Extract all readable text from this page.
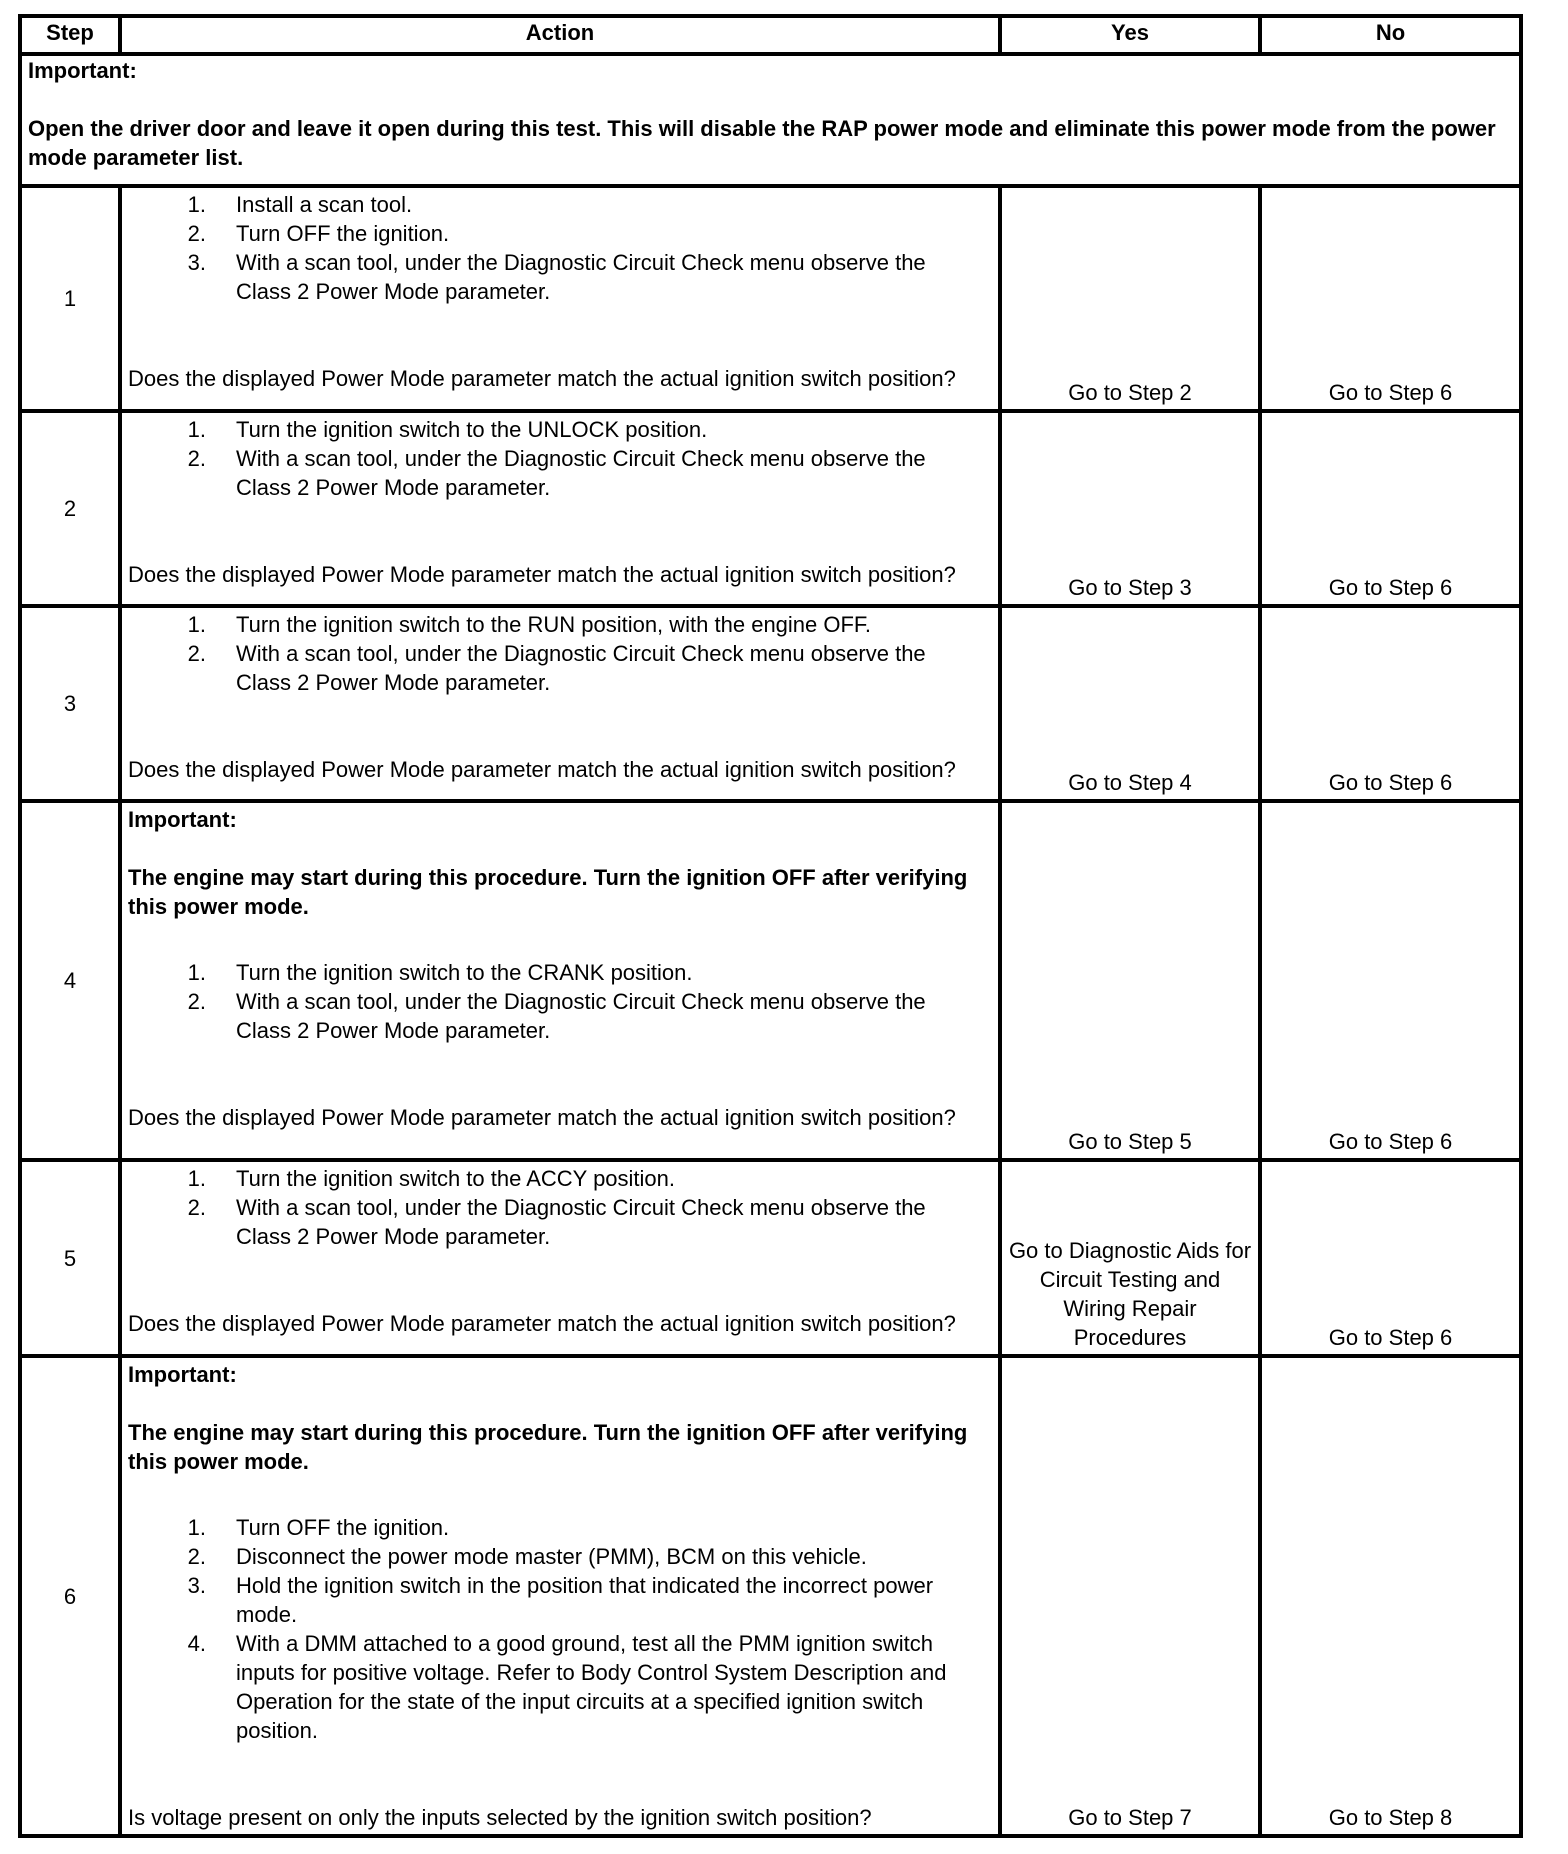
Step	Action	Yes	No

Important:
Open the driver door and leave it open during this test. This will disable the RAP power mode and eliminate this power mode from the power mode parameter list.			

1	
1.	Install a scan tool.
2.	Turn OFF the ignition.
3.	With a scan tool, under the Diagnostic Circuit Check menu observe the Class 2 Power Mode parameter.
Does the displayed Power Mode parameter match the actual ignition switch position?
	Go to Step 2	Go to Step 6
2	
1.	Turn the ignition switch to the UNLOCK position.
2.	With a scan tool, under the Diagnostic Circuit Check menu observe the Class 2 Power Mode parameter.
Does the displayed Power Mode parameter match the actual ignition switch position?
	Go to Step 3	Go to Step 6
3	
1.	Turn the ignition switch to the RUN position, with the engine OFF.
2.	With a scan tool, under the Diagnostic Circuit Check menu observe the Class 2 Power Mode parameter.
Does the displayed Power Mode parameter match the actual ignition switch position?
	Go to Step 4	Go to Step 6
4	
Important:
The engine may start during this procedure. Turn the ignition OFF after verifying this power mode.
1.	Turn the ignition switch to the CRANK position.
2.	With a scan tool, under the Diagnostic Circuit Check menu observe the Class 2 Power Mode parameter.
Does the displayed Power Mode parameter match the actual ignition switch position?
	Go to Step 5	Go to Step 6
5	
1.	Turn the ignition switch to the ACCY position.
2.	With a scan tool, under the Diagnostic Circuit Check menu observe the Class 2 Power Mode parameter.
Does the displayed Power Mode parameter match the actual ignition switch position?
	Go to Diagnostic Aids for Circuit Testing and Wiring Repair Procedures	Go to Step 6
6	
Important:
The engine may start during this procedure. Turn the ignition OFF after verifying this power mode.
1.	Turn OFF the ignition.
2.	Disconnect the power mode master (PMM), BCM on this vehicle.
3.	Hold the ignition switch in the position that indicated the incorrect power mode.
4.	With a DMM attached to a good ground, test all the PMM ignition switch inputs for positive voltage. Refer to Body Control System Description and Operation for the state of the input circuits at a specified ignition switch position.
Is voltage present on only the inputs selected by the ignition switch position?	Go to Step 7	Go to Step 8
